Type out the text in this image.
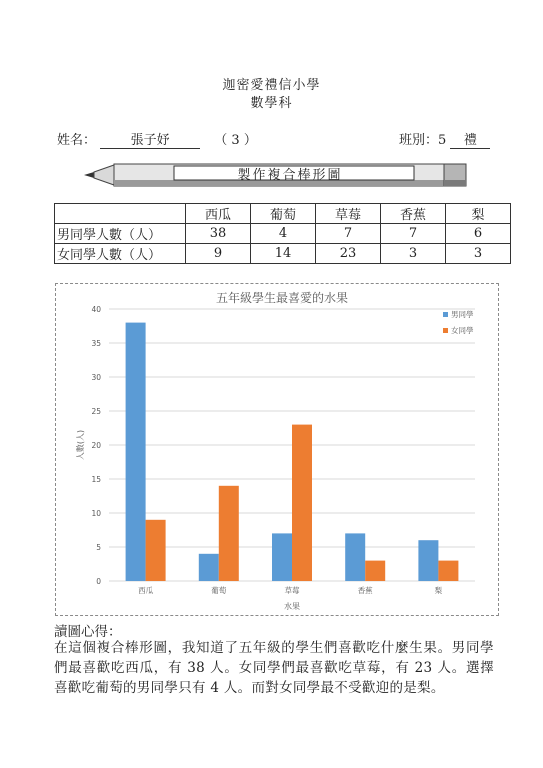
迦密愛禮信小學
數學科
姓名：	張子妤	（ 3 ）	班別：5 禮
製作複合棒形圖
	西瓜	葡萄	草莓	香蕉	梨
男同學人數（人）	38	4	7	7	6
女同學人數（人）	9	14	23	3	3
0
5
10
15
20
25
30
35
40
五年級學生最喜愛的水果
人數(人)
水果
西瓜	葡萄	草莓	香蕉	梨
男同學
女同學
讀圖心得：
在這個複合棒形圖，我知道了五年級的學生們喜歡吃什麼生果。男同學們最喜歡吃西瓜，有 38 人。女同學們最喜歡吃草莓，有 23 人。選擇喜歡吃葡萄的男同學只有 4 人。而對女同學最不受歡迎的是梨。
